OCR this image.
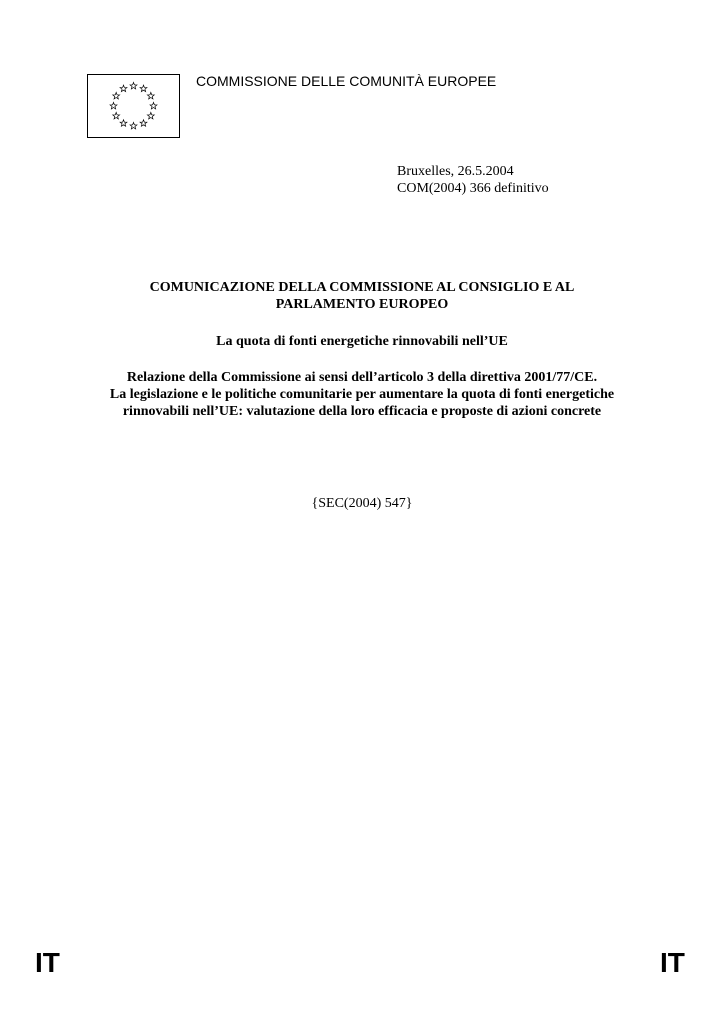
COMMISSIONE DELLE COMUNITÀ EUROPEE
Bruxelles, 26.5.2004
COM(2004) 366 definitivo
COMUNICAZIONE DELLA COMMISSIONE AL CONSIGLIO E AL
PARLAMENTO EUROPEO
La quota di fonti energetiche rinnovabili nell’UE
Relazione della Commissione ai sensi dell’articolo 3 della direttiva 2001/77/CE.
La legislazione e le politiche comunitarie per aumentare la quota di fonti energetiche
rinnovabili nell’UE: valutazione della loro efficacia e proposte di azioni concrete
{SEC(2004) 547}
IT	IT
